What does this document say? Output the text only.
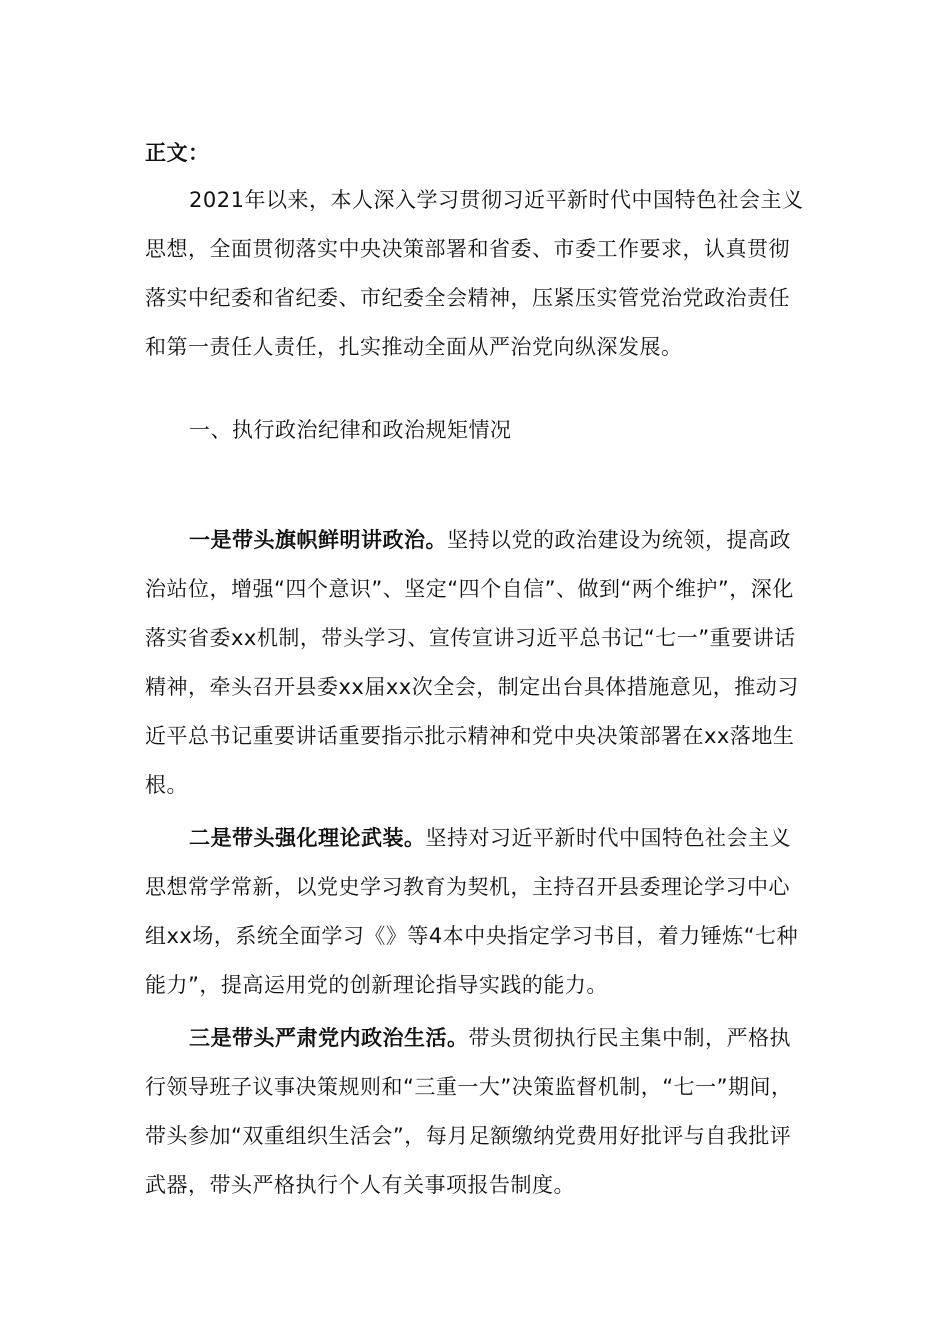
正文：

2021年以来，本人深入学习贯彻习近平新时代中国特色社会主义思想，全面贯彻落实中央决策部署和省委、市委工作要求，认真贯彻落实中纪委和省纪委、市纪委全会精神，压紧压实管党治党政治责任和第一责任人责任，扎实推动全面从严治党向纵深发展。

一、执行政治纪律和政治规矩情况

一是带头旗帜鲜明讲政治。坚持以党的政治建设为统领，提高政治站位，增强“四个意识”、坚定“四个自信”、做到“两个维护”，深化落实省委xx机制，带头学习、宣传宣讲习近平总书记“七一”重要讲话精神，牵头召开县委xx届xx次全会，制定出台具体措施意见，推动习近平总书记重要讲话重要指示批示精神和党中央决策部署在xx落地生根。

二是带头强化理论武装。坚持对习近平新时代中国特色社会主义思想常学常新，以党史学习教育为契机，主持召开县委理论学习中心组xx场，系统全面学习《》等4本中央指定学习书目，着力锤炼“七种能力”，提高运用党的创新理论指导实践的能力。

三是带头严肃党内政治生活。带头贯彻执行民主集中制，严格执行领导班子议事决策规则和“三重一大”决策监督机制，“七一”期间，带头参加“双重组织生活会”，每月足额缴纳党费用好批评与自我批评武器，带头严格执行个人有关事项报告制度。
